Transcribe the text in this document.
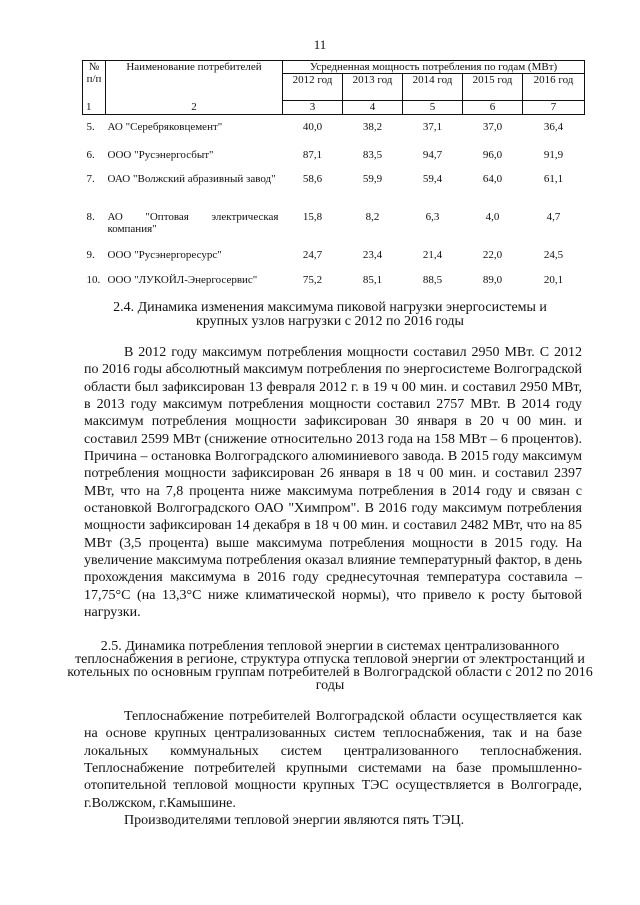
11
№ п/п	Наименование потребителей	Усредненная мощность потребления по годам (МВт)				
		2012 год	2013 год	2014 год	2015 год	2016 год
1	2	3	4	5	6	7
5.	АО "Серебряковцемент"	40,0	38,2	37,1	37,0	36,4
6.	ООО "Русэнергосбыт"	87,1	83,5	94,7	96,0	91,9
7.	ОАО "Волжский абразивный завод"	58,6	59,9	59,4	64,0	61,1
8.	АО "Оптовая электрическая компания"	15,8	8,2	6,3	4,0	4,7
9.	ООО "Русэнергоресурс"	24,7	23,4	21,4	22,0	24,5
10.	ООО "ЛУКОЙЛ-Энергосервис"	75,2	85,1	88,5	89,0	20,1
2.4. Динамика изменения максимума пиковой нагрузки энергосистемы и крупных узлов нагрузки с 2012 по 2016 годы

В 2012 году максимум потребления мощности составил 2950 МВт. С 2012 по 2016 годы абсолютный максимум потребления по энергосистеме Волгоградской области был зафиксирован 13 февраля 2012 г. в 19 ч 00 мин. и составил 2950 МВт, в 2013 году максимум потребления мощности составил 2757 МВт. В 2014 году максимум потребления мощности зафиксирован 30 января в 20 ч 00 мин. и составил 2599 МВт (снижение относительно 2013 года на 158 МВт – 6 процентов). Причина – остановка Волгоградского алюминиевого завода. В 2015 году максимум потребления мощности зафиксирован 26 января в 18 ч 00 мин. и составил 2397 МВт, что на 7,8 процента ниже максимума потребления в 2014 году и связан с остановкой Волгоградского ОАО "Химпром". В 2016 году максимум потребления мощности зафиксирован 14 декабря в 18 ч 00 мин. и составил 2482 МВт, что на 85 МВт (3,5 процента) выше максимума потребления мощности в 2015 году. На увеличение максимума потребления оказал влияние температурный фактор, в день прохождения максимума в 2016 году среднесуточная температура составила – 17,75°С (на 13,3°С ниже климатической нормы), что привело к росту бытовой нагрузки.

2.5. Динамика потребления тепловой энергии в системах централизованного теплоснабжения в регионе, структура отпуска тепловой энергии от электростанций и котельных по основным группам потребителей в Волгоградской области с 2012 по 2016 годы

Теплоснабжение потребителей Волгоградской области осуществляется как на основе крупных централизованных систем теплоснабжения, так и на базе локальных коммунальных систем централизованного теплоснабжения. Теплоснабжение потребителей крупными системами на базе промышленно-отопительной тепловой мощности крупных ТЭС осуществляется в Волгограде, г.Волжском, г.Камышине.

Производителями тепловой энергии являются пять ТЭЦ.
